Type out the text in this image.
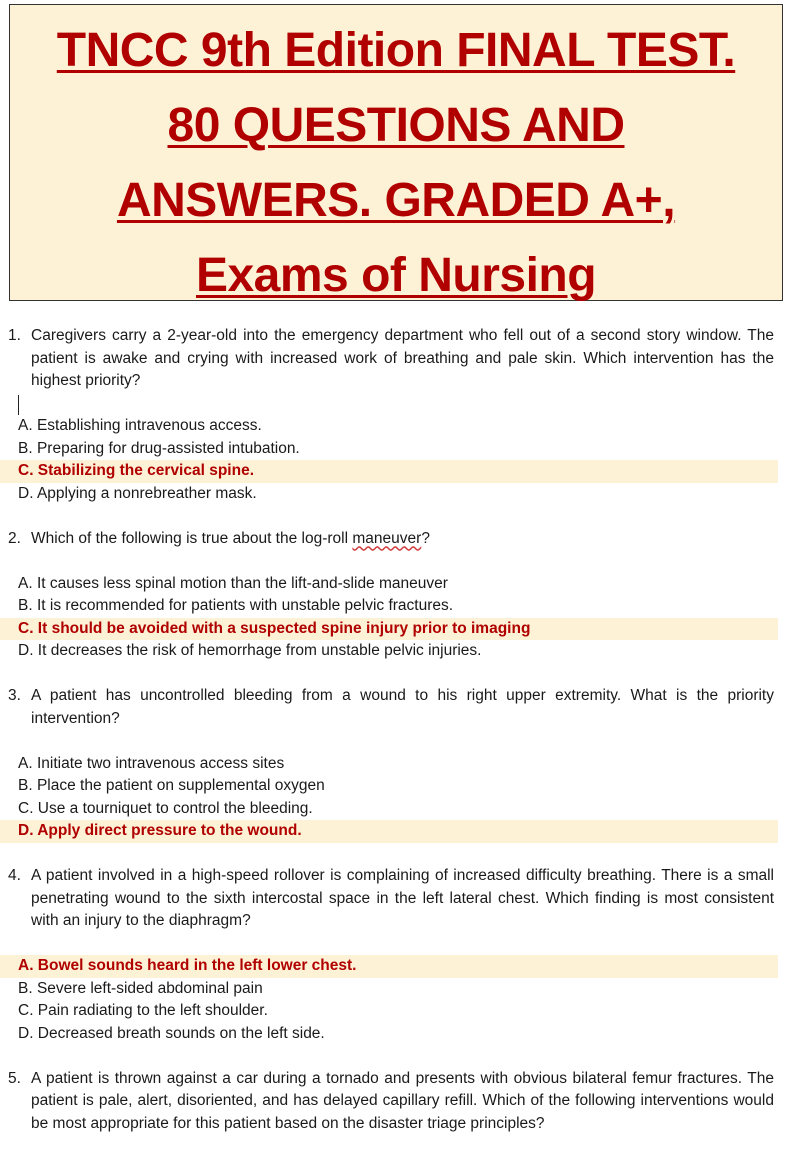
TNCC 9th Edition FINAL TEST.
80 QUESTIONS AND
ANSWERS. GRADED A+,
Exams of Nursing
1. Caregivers carry a 2-year-old into the emergency department who fell out of a second story window. The patient is awake and crying with increased work of breathing and pale skin. Which intervention has the highest priority?
A. Establishing intravenous access.
B. Preparing for drug-assisted intubation.
C. Stabilizing the cervical spine.
D. Applying a nonrebreather mask.
2. Which of the following is true about the log-roll maneuver?
A. It causes less spinal motion than the lift-and-slide maneuver
B. It is recommended for patients with unstable pelvic fractures.
C. It should be avoided with a suspected spine injury prior to imaging
D. It decreases the risk of hemorrhage from unstable pelvic injuries.
3. A patient has uncontrolled bleeding from a wound to his right upper extremity. What is the priority intervention?
A. Initiate two intravenous access sites
B. Place the patient on supplemental oxygen
C. Use a tourniquet to control the bleeding.
D. Apply direct pressure to the wound.
4. A patient involved in a high-speed rollover is complaining of increased difficulty breathing. There is a small penetrating wound to the sixth intercostal space in the left lateral chest. Which finding is most consistent with an injury to the diaphragm?
A. Bowel sounds heard in the left lower chest.
B. Severe left-sided abdominal pain
C. Pain radiating to the left shoulder.
D. Decreased breath sounds on the left side.
5. A patient is thrown against a car during a tornado and presents with obvious bilateral femur fractures. The patient is pale, alert, disoriented, and has delayed capillary refill. Which of the following interventions would be most appropriate for this patient based on the disaster triage principles?
